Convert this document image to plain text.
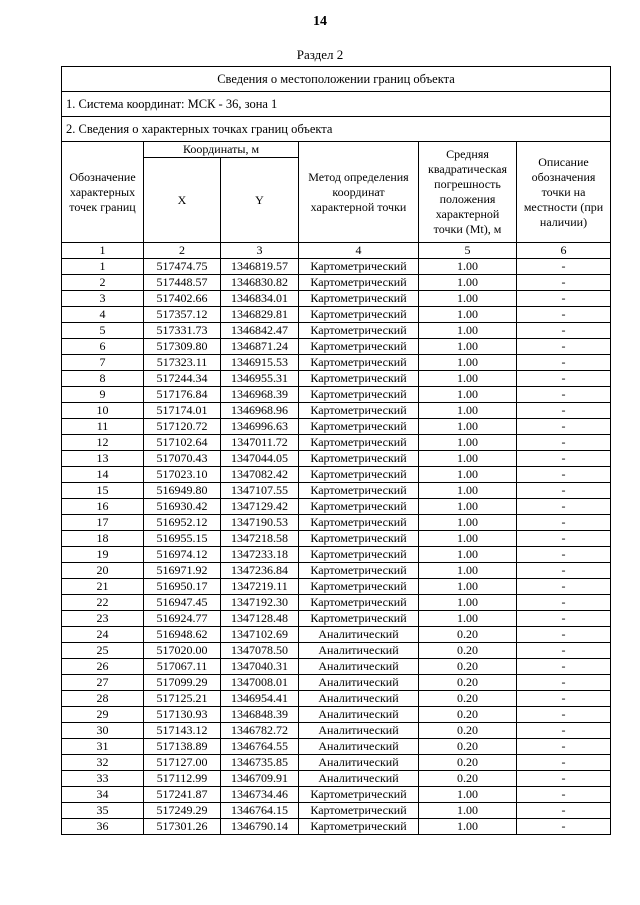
14
Раздел 2
Сведения о местоположении границ объекта					
1. Система координат: МСК - 36, зона 1					
2. Сведения о характерных точках границ объекта					
Обозначение характерных точек границ	Координаты, м		Метод определения координат характерной точки	Средняя квадратическая погрешность положения характерной точки (Mt), м	Описание обозначения точки на местности (при наличии)
	X	Y			
1	2	3	4	5	6
1	517474.75	1346819.57	Картометрический	1.00	-
2	517448.57	1346830.82	Картометрический	1.00	-
3	517402.66	1346834.01	Картометрический	1.00	-
4	517357.12	1346829.81	Картометрический	1.00	-
5	517331.73	1346842.47	Картометрический	1.00	-
6	517309.80	1346871.24	Картометрический	1.00	-
7	517323.11	1346915.53	Картометрический	1.00	-
8	517244.34	1346955.31	Картометрический	1.00	-
9	517176.84	1346968.39	Картометрический	1.00	-
10	517174.01	1346968.96	Картометрический	1.00	-
11	517120.72	1346996.63	Картометрический	1.00	-
12	517102.64	1347011.72	Картометрический	1.00	-
13	517070.43	1347044.05	Картометрический	1.00	-
14	517023.10	1347082.42	Картометрический	1.00	-
15	516949.80	1347107.55	Картометрический	1.00	-
16	516930.42	1347129.42	Картометрический	1.00	-
17	516952.12	1347190.53	Картометрический	1.00	-
18	516955.15	1347218.58	Картометрический	1.00	-
19	516974.12	1347233.18	Картометрический	1.00	-
20	516971.92	1347236.84	Картометрический	1.00	-
21	516950.17	1347219.11	Картометрический	1.00	-
22	516947.45	1347192.30	Картометрический	1.00	-
23	516924.77	1347128.48	Картометрический	1.00	-
24	516948.62	1347102.69	Аналитический	0.20	-
25	517020.00	1347078.50	Аналитический	0.20	-
26	517067.11	1347040.31	Аналитический	0.20	-
27	517099.29	1347008.01	Аналитический	0.20	-
28	517125.21	1346954.41	Аналитический	0.20	-
29	517130.93	1346848.39	Аналитический	0.20	-
30	517143.12	1346782.72	Аналитический	0.20	-
31	517138.89	1346764.55	Аналитический	0.20	-
32	517127.00	1346735.85	Аналитический	0.20	-
33	517112.99	1346709.91	Аналитический	0.20	-
34	517241.87	1346734.46	Картометрический	1.00	-
35	517249.29	1346764.15	Картометрический	1.00	-
36	517301.26	1346790.14	Картометрический	1.00	-
